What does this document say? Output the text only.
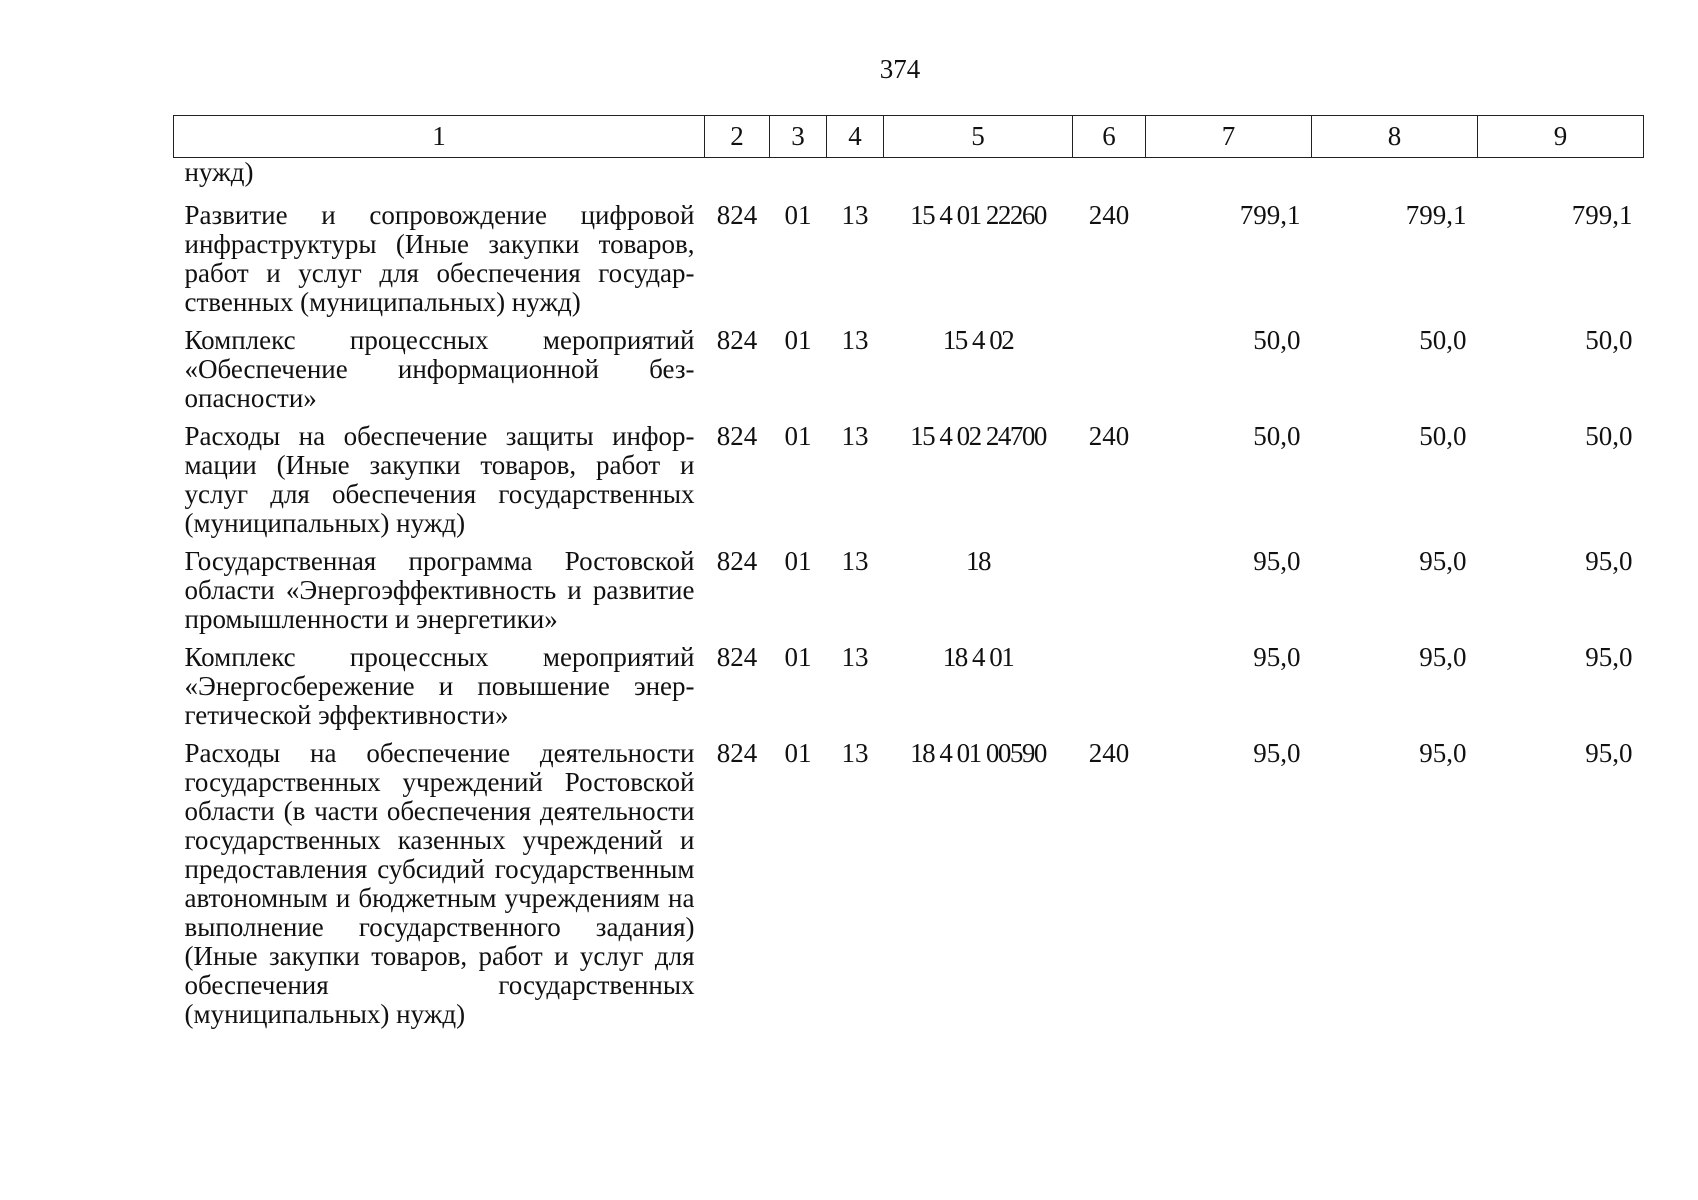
374
1	2	3	4	5	6	7	8	9
нужд)								
Развитие и сопровождение цифровой инфраструктуры (Иные закупки товаров, работ и услуг для обеспечения государственных (муниципальных) нужд)	824	01	13	15 4 01 22260	240	799,1	799,1	799,1
Комплекс процессных мероприятий «Обеспечение информационной безопасности»	824	01	13	15 4 02		50,0	50,0	50,0
Расходы на обеспечение защиты информации (Иные закупки товаров, работ и услуг для обеспечения государственных (муниципальных) нужд)	824	01	13	15 4 02 24700	240	50,0	50,0	50,0
Государственная программа Ростовской области «Энергоэффективность и развитие промышленности и энергетики»	824	01	13	18		95,0	95,0	95,0
Комплекс процессных мероприятий «Энергосбережение и повышение энергетической эффективности»	824	01	13	18 4 01		95,0	95,0	95,0
Расходы на обеспечение деятельности государственных учреждений Ростовской области (в части обеспечения деятельности государственных казенных учреждений и предоставления субсидий государственным автономным и бюджетным учреждениям на выполнение государственного задания) (Иные закупки товаров, работ и услуг для обеспечения государственных (муниципальных) нужд)	824	01	13	18 4 01 00590	240	95,0	95,0	95,0
